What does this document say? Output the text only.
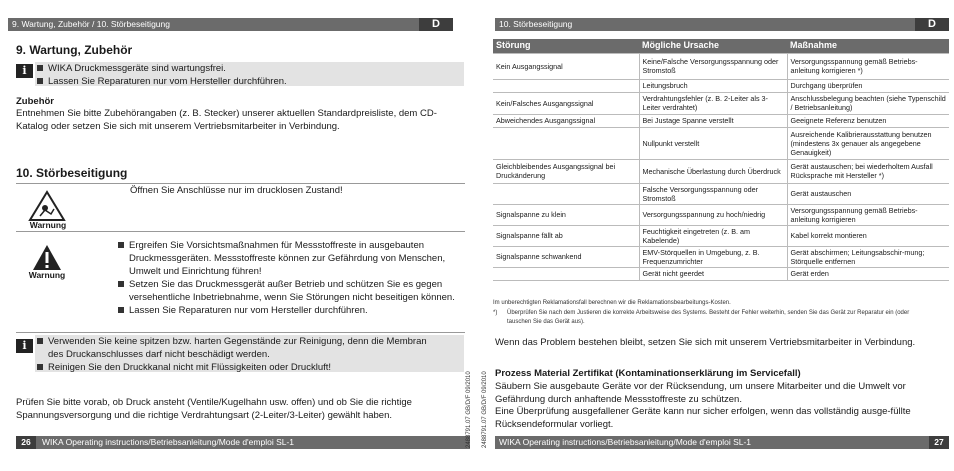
9. Wartung, Zubehör / 10. Störbeseitigung	D
9. Wartung, Zubehör
i	WIKA Druckmessgeräte sind wartungsfrei.
Lassen Sie Reparaturen nur vom Hersteller durchführen.
Zubehör
Entnehmen Sie bitte Zubehörangaben (z. B. Stecker) unserer aktuellen Standardpreisliste, dem CD-Katalog oder setzen Sie sich mit unserem Vertriebsmitarbeiter in Verbindung.
10. Störbeseitigung
Warnung
Öffnen Sie Anschlüsse nur im drucklosen Zustand!
Warnung
Ergreifen Sie Vorsichtsmaßnahmen für Messstoffreste in ausgebauten Druckmessgeräten. Messstoffreste können zur Gefährdung von Menschen, Umwelt und Einrichtung führen!
Setzen Sie das Druckmessgerät außer Betrieb und schützen Sie es gegen versehentliche Inbetriebnahme, wenn Sie Störungen nicht beseitigen können.
Lassen Sie Reparaturen nur vom Hersteller durchführen.
i	Verwenden Sie keine spitzen bzw. harten Gegenstände zur Reinigung, denn die Membran des Druckanschlusses darf nicht beschädigt werden.
Reinigen Sie den Druckkanal nicht mit Flüssigkeiten oder Druckluft!
Prüfen Sie bitte vorab, ob Druck ansteht (Ventile/Kugelhahn usw. offen) und ob Sie die richtige Spannungsversorgung und die richtige Verdrahtungsart (2-Leiter/3-Leiter) gewählt haben.
26 WIKA Operating instructions/Betriebsanleitung/Mode d'emploi SL-1	2488791.07 GB/D/F 09/2010 2488791.07 GB/D/F 09/2010
10. Störbeseitigung	D
Störung	Mögliche Ursache	Maßnahme
Kein Ausgangssignal	Keine/Falsche Versorgungsspannung oder Stromstoß	Versorgungsspannung gemäß Betriebs-anleitung korrigieren *)
	Leitungsbruch	Durchgang überprüfen
Kein/Falsches Ausgangssignal	Verdrahtungsfehler (z. B. 2-Leiter als 3-Leiter verdrahtet)	Anschlussbelegung beachten (siehe Typenschild / Betriebsanleitung)
Abweichendes Ausgangssignal	Bei Justage Spanne verstellt	Geeignete Referenz benutzen
	Nullpunkt verstellt	Ausreichende Kalibrierausstattung benutzen (mindestens 3x genauer als angegebene Genauigkeit)
Gleichbleibendes Ausgangssignal bei Druckänderung	Mechanische Überlastung durch Überdruck	Gerät austauschen; bei wiederholtem Ausfall Rücksprache mit Hersteller *)
	Falsche Versorgungsspannung oder Stromstoß	Gerät austauschen
Signalspanne zu klein	Versorgungsspannung zu hoch/niedrig	Versorgungsspannung gemäß Betriebs-anleitung korrigieren
Signalspanne fällt ab	Feuchtigkeit eingetreten (z. B. am Kabelende)	Kabel korrekt montieren
Signalspanne schwankend	EMV-Störquellen in Umgebung, z. B. Frequenzumrichter	Gerät abschirmen; Leitungsabschir-mung; Störquelle entfernen
	Gerät nicht geerdet	Gerät erden
Im unberechtigten Reklamationsfall berechnen wir die Reklamationsbearbeitungs-Kosten.
*) Überprüfen Sie nach dem Justieren die korrekte Arbeitsweise des Systems. Besteht der Fehler weiterhin, senden Sie das Gerät zur Reparatur ein (oder tauschen Sie das Gerät aus).
Wenn das Problem bestehen bleibt, setzen Sie sich mit unserem Vertriebsmitarbeiter in Verbindung.
Prozess Material Zertifikat (Kontaminationserklärung im Servicefall)
Säubern Sie ausgebaute Geräte vor der Rücksendung, um unsere Mitarbeiter und die Umwelt vor Gefährdung durch anhaftende Messstoffreste zu schützen.
Eine Überprüfung ausgefallener Geräte kann nur sicher erfolgen, wenn das vollständig ausge-füllte Rücksendeformular vorliegt.
WIKA Operating instructions/Betriebsanleitung/Mode d'emploi SL-1	27
